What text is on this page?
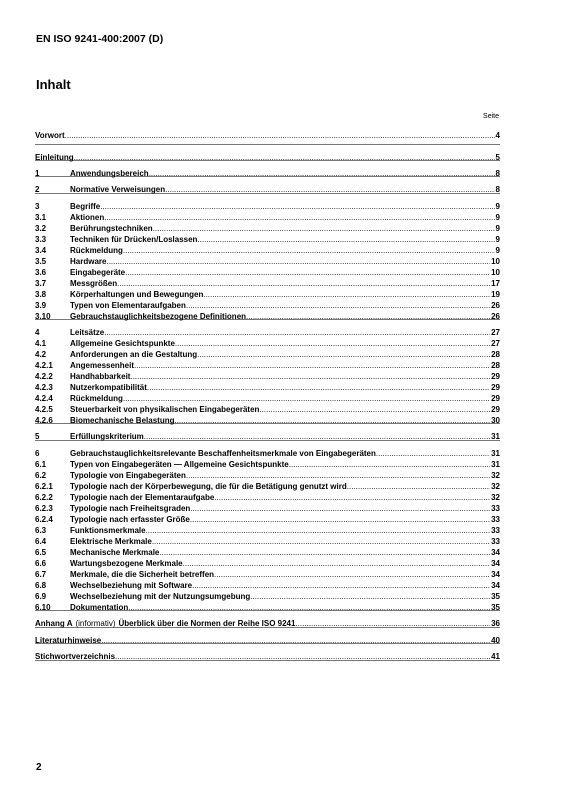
EN ISO 9241-400:2007 (D)
Inhalt
Seite
Vorwort .....	4
Einleitung .....	5
1	Anwendungsbereich .....	8
2	Normative Verweisungen .....	8
3	Begriffe .....	9
3.1	Aktionen .....	9
3.2	Berührungstechniken .....	9
3.3	Techniken für Drücken/Loslassen .....	9
3.4	Rückmeldung .....	9
3.5	Hardware .....	10
3.6	Eingabegeräte .....	10
3.7	Messgrößen .....	17
3.8	Körperhaltungen und Bewegungen .....	19
3.9	Typen von Elementaraufgaben .....	26
3.10	Gebrauchstauglichkeitsbezogene Definitionen .....	26
4	Leitsätze .....	27
4.1	Allgemeine Gesichtspunkte .....	27
4.2	Anforderungen an die Gestaltung .....	28
4.2.1	Angemessenheit .....	28
4.2.2	Handhabbarkeit .....	29
4.2.3	Nutzerkompatibilität .....	29
4.2.4	Rückmeldung .....	29
4.2.5	Steuerbarkeit von physikalischen Eingabegeräten .....	29
4.2.6	Biomechanische Belastung .....	30
5	Erfüllungskriterium .....	31
6	Gebrauchstauglichkeitsrelevante Beschaffenheitsmerkmale von Eingabegeräten .....	31
6.1	Typen von Eingabegeräten — Allgemeine Gesichtspunkte .....	31
6.2	Typologie von Eingabegeräten .....	32
6.2.1	Typologie nach der Körperbewegung, die für die Betätigung genutzt wird .....	32
6.2.2	Typologie nach der Elementaraufgabe .....	32
6.2.3	Typologie nach Freiheitsgraden .....	33
6.2.4	Typologie nach erfasster Größe .....	33
6.3	Funktionsmerkmale .....	33
6.4	Elektrische Merkmale .....	33
6.5	Mechanische Merkmale .....	34
6.6	Wartungsbezogene Merkmale .....	34
6.7	Merkmale, die die Sicherheit betreffen .....	34
6.8	Wechselbeziehung mit Software .....	34
6.9	Wechselbeziehung mit der Nutzungsumgebung .....	35
6.10	Dokumentation .....	35
Anhang A (informativ) Überblick über die Normen der Reihe ISO 9241 .....	36
Literaturhinweise .....	40
Stichwortverzeichnis .....	41
2
